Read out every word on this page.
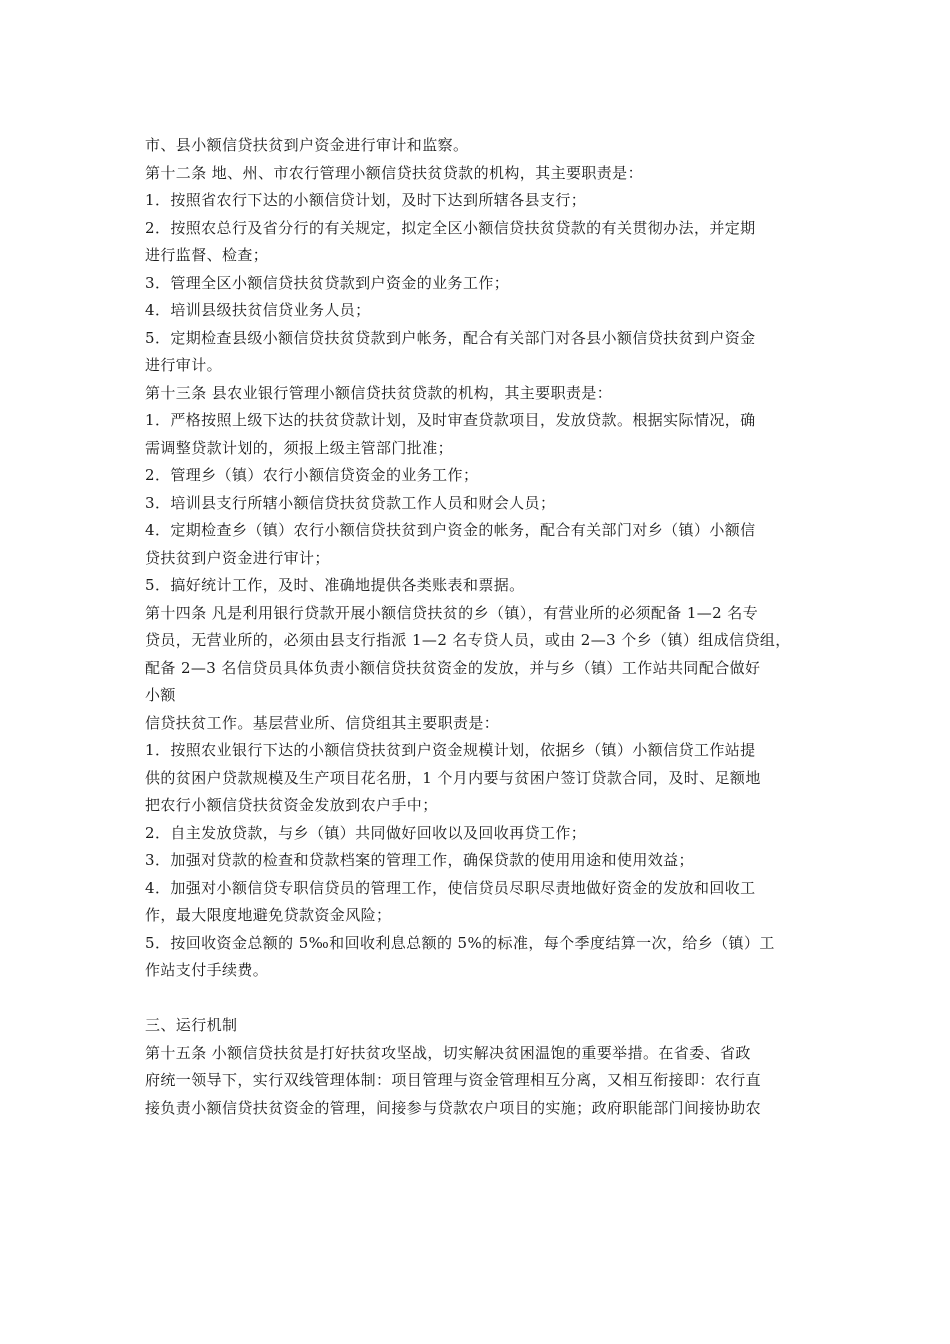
市、县小额信贷扶贫到户资金进行审计和监察。
第十二条 地、州、市农行管理小额信贷扶贫贷款的机构，其主要职责是：
1．按照省农行下达的小额信贷计划，及时下达到所辖各县支行；
2．按照农总行及省分行的有关规定，拟定全区小额信贷扶贫贷款的有关贯彻办法，并定期
进行监督、检查；
3．管理全区小额信贷扶贫贷款到户资金的业务工作；
4．培训县级扶贫信贷业务人员；
5．定期检查县级小额信贷扶贫贷款到户帐务，配合有关部门对各县小额信贷扶贫到户资金
进行审计。
第十三条 县农业银行管理小额信贷扶贫贷款的机构，其主要职责是：
1．严格按照上级下达的扶贫贷款计划，及时审查贷款项目，发放贷款。根据实际情况，确
需调整贷款计划的，须报上级主管部门批准；
2．管理乡（镇）农行小额信贷资金的业务工作；
3．培训县支行所辖小额信贷扶贫贷款工作人员和财会人员；
4．定期检查乡（镇）农行小额信贷扶贫到户资金的帐务，配合有关部门对乡（镇）小额信
贷扶贫到户资金进行审计；
5．搞好统计工作，及时、准确地提供各类账表和票据。
第十四条 凡是利用银行贷款开展小额信贷扶贫的乡（镇），有营业所的必须配备 1—2 名专
贷员，无营业所的，必须由县支行指派 1—2 名专贷人员，或由 2—3 个乡（镇）组成信贷组，
配备 2—3 名信贷员具体负责小额信贷扶贫资金的发放，并与乡（镇）工作站共同配合做好
小额
信贷扶贫工作。基层营业所、信贷组其主要职责是：
1．按照农业银行下达的小额信贷扶贫到户资金规模计划，依据乡（镇）小额信贷工作站提
供的贫困户贷款规模及生产项目花名册，1 个月内要与贫困户签订贷款合同，及时、足额地
把农行小额信贷扶贫资金发放到农户手中；
2．自主发放贷款，与乡（镇）共同做好回收以及回收再贷工作；
3．加强对贷款的检查和贷款档案的管理工作，确保贷款的使用用途和使用效益；
4．加强对小额信贷专职信贷员的管理工作，使信贷员尽职尽责地做好资金的发放和回收工
作，最大限度地避免贷款资金风险；
5．按回收资金总额的 5‰和回收利息总额的 5%的标准，每个季度结算一次，给乡（镇）工
作站支付手续费。
三、运行机制
第十五条 小额信贷扶贫是打好扶贫攻坚战，切实解决贫困温饱的重要举措。在省委、省政
府统一领导下，实行双线管理体制：项目管理与资金管理相互分离，又相互衔接即：农行直
接负责小额信贷扶贫资金的管理，间接参与贷款农户项目的实施；政府职能部门间接协助农
